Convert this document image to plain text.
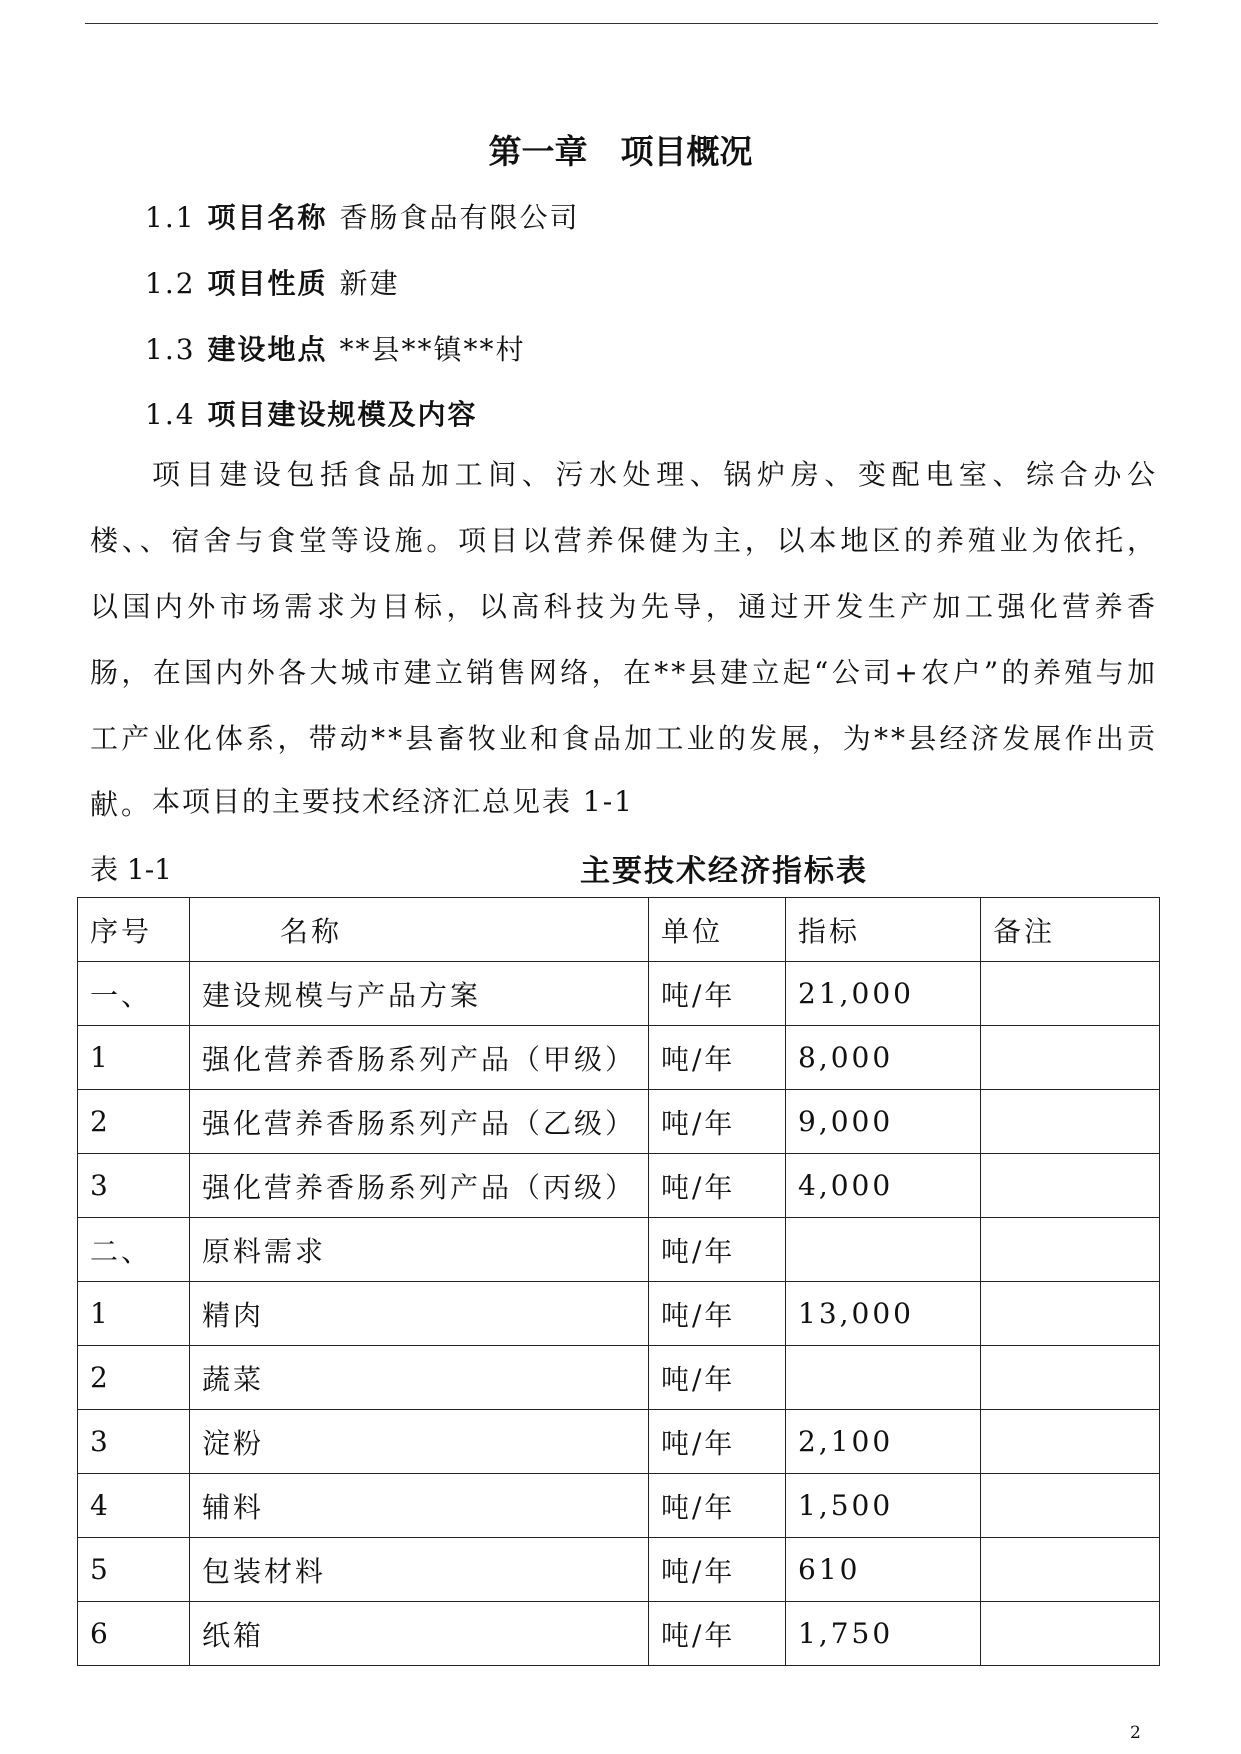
第一章　项目概况
1.1 项目名称 香肠食品有限公司
1.2 项目性质 新建
1.3 建设地点 **县**镇**村
1.4 项目建设规模及内容
项目建设包括食品加工间、污水处理、锅炉房、变配电室、综合办公楼、、宿舍与食堂等设施。项目以营养保健为主，以本地区的养殖业为依托，以国内外市场需求为目标，以高科技为先导，通过开发生产加工强化营养香肠，在国内外各大城市建立销售网络，在**县建立起“公司+农户”的养殖与加工产业化体系，带动**县畜牧业和食品加工业的发展，为**县经济发展作出贡献。 本项目的主要技术经济汇总见表 1-1
表 1-1	主要技术经济指标表
序号	名称	单位	指标	备注
一、	建设规模与产品方案	吨/年	21,000	
1	强化营养香肠系列产品（甲级）	吨/年	8,000	
2	强化营养香肠系列产品（乙级）	吨/年	9,000	
3	强化营养香肠系列产品（丙级）	吨/年	4,000	
二、	原料需求	吨/年		
1	精肉	吨/年	13,000	
2	蔬菜	吨/年		
3	淀粉	吨/年	2,100	
4	辅料	吨/年	1,500	
5	包装材料	吨/年	610	
6	纸箱	吨/年	1,750	
2
